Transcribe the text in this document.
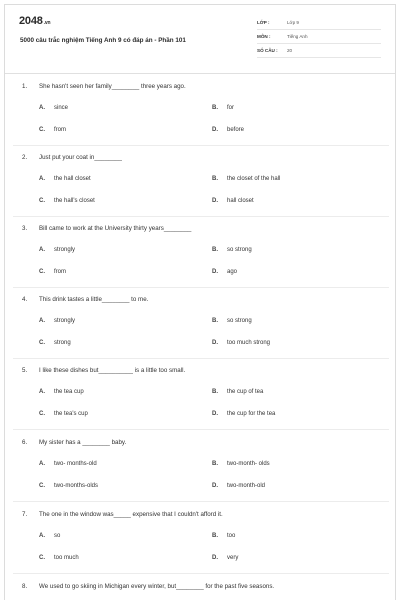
2048.vn
5000 câu trắc nghiệm Tiếng Anh 9 có đáp án - Phần 101
LỚP :	Lớp 9
MÔN :	Tiếng Anh
SỐ CÂU : 20
1. She hasn't seen her family________ three years ago.
A. since	B. for
C. from	D. before
2. Just put your coat in________
A. the hall closet	B. the closet of the hall
C. the hall's closet	D. hall closet
3. Bill came to work at the University thirty years________
A. strongly	B. so strong
C. from	D. ago
4. This drink tastes a little________ to me.
A. strongly	B. so strong
C. strong	D. too much strong
5. I like these dishes but__________ is a little too small.
A. the tea cup	B. the cup of tea
C. the tea's cup	D. the cup for the tea
6. My sister has a ________ baby.
A. two- months-old	B. two-month- olds
C. two-months-olds	D. two-month-old
7. The one in the window was_____ expensive that I couldn't afford it.
A. so	B. too
C. too much	D. very
8. We used to go skiing in Michigan every winter, but________ for the past five seasons.
